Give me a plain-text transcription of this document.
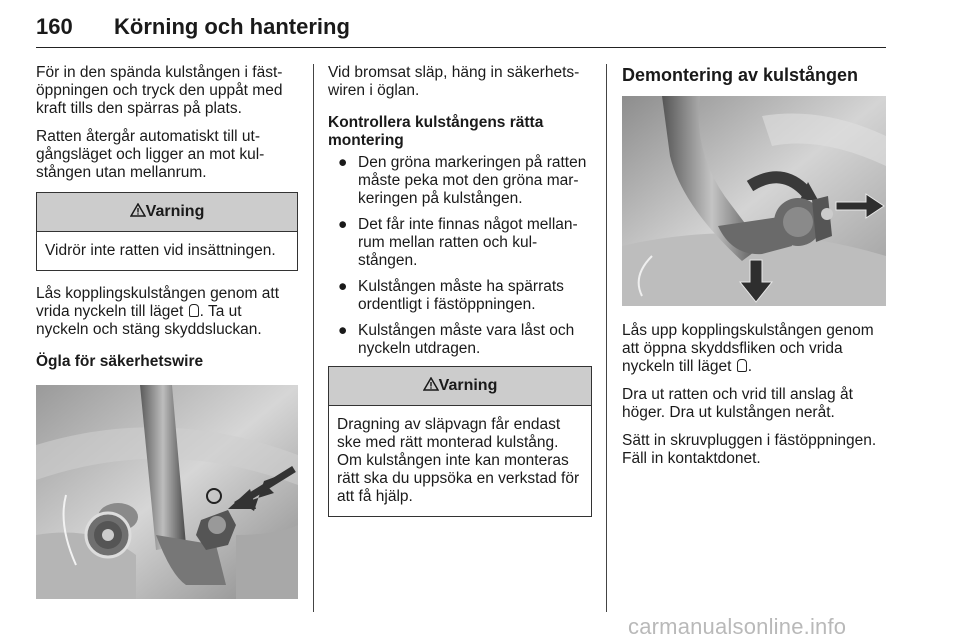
160 Körning och hantering

För in den spända kulstången i fäst-öppningen och tryck den uppåt med kraft tills den spärras på plats.

Ratten återgår automatiskt till ut-gångsläget och ligger an mot kul-stången utan mellanrum.

Varning
Vidrör inte ratten vid insättningen.

Lås kopplingskulstången genom att vrida nyckeln till läget . Ta ut nyckeln och stäng skyddsluckan.

Ögla för säkerhetswire

Vid bromsat släp, häng in säkerhets-wiren i öglan.

Kontrollera kulstångens rätta montering
● Den gröna markeringen på ratten måste peka mot den gröna mar-keringen på kulstången.
● Det får inte finnas något mellan-rum mellan ratten och kul-stången.
● Kulstången måste ha spärrats ordentligt i fästöppningen.
● Kulstången måste vara låst och nyckeln utdragen.
Varning
Dragning av släpvagn får endast ske med rätt monterad kulstång. Om kulstången inte kan monteras rätt ska du uppsöka en verkstad för att få hjälp.
Demontering av kulstången

Lås upp kopplingskulstången genom att öppna skyddsfliken och vrida nyckeln till läget .

Dra ut ratten och vrid till anslag åt höger. Dra ut kulstången neråt.

Sätt in skruvpluggen i fästöppningen. Fäll in kontaktdonet.

carmanualsonline.info
